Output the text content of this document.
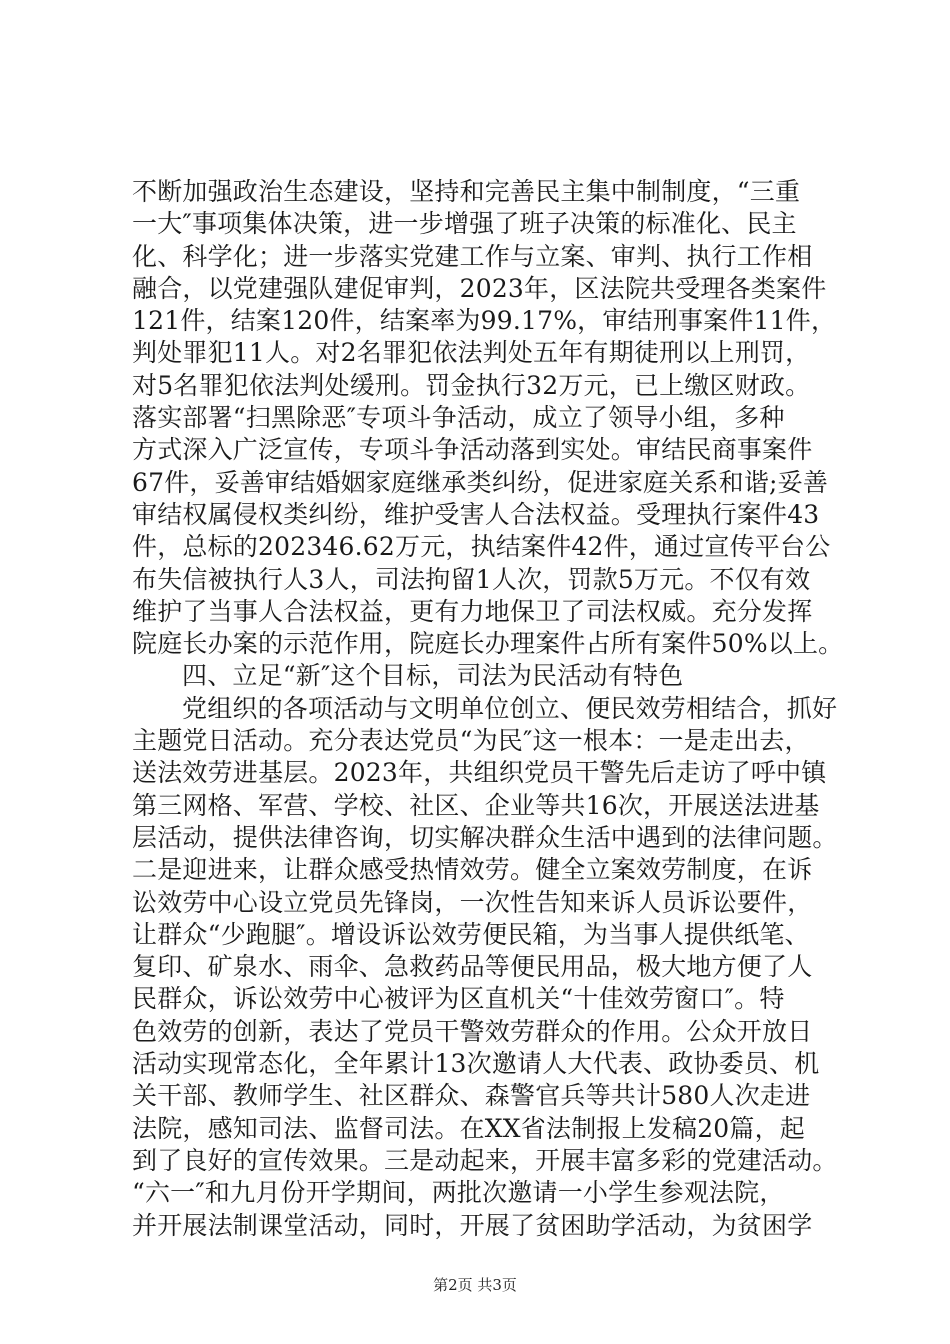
不断加强政治生态建设，坚持和完善民主集中制制度，“三重
一大″事项集体决策，进一步增强了班子决策的标准化、民主
化、科学化；进一步落实党建工作与立案、审判、执行工作相
融合，以党建强队建促审判，2023年，区法院共受理各类案件
121件，结案120件，结案率为99.17%，审结刑事案件11件，
判处罪犯11人。对2名罪犯依法判处五年有期徒刑以上刑罚，
对5名罪犯依法判处缓刑。罚金执行32万元，已上缴区财政。
落实部署“扫黑除恶″专项斗争活动，成立了领导小组，多种
方式深入广泛宣传，专项斗争活动落到实处。审结民商事案件
67件，妥善审结婚姻家庭继承类纠纷，促进家庭关系和谐;妥善
审结权属侵权类纠纷，维护受害人合法权益。受理执行案件43
件，总标的202346.62万元，执结案件42件，通过宣传平台公
布失信被执行人3人，司法拘留1人次，罚款5万元。不仅有效
维护了当事人合法权益，更有力地保卫了司法权威。充分发挥
院庭长办案的示范作用，院庭长办理案件占所有案件50%以上。
四、立足“新″这个目标，司法为民活动有特色
党组织的各项活动与文明单位创立、便民效劳相结合，抓好
主题党日活动。充分表达党员“为民″这一根本：一是走出去，
送法效劳进基层。2023年，共组织党员干警先后走访了呼中镇
第三网格、军营、学校、社区、企业等共16次，开展送法进基
层活动，提供法律咨询，切实解决群众生活中遇到的法律问题。
二是迎进来，让群众感受热情效劳。健全立案效劳制度，在诉
讼效劳中心设立党员先锋岗，一次性告知来诉人员诉讼要件，
让群众“少跑腿″。增设诉讼效劳便民箱，为当事人提供纸笔、
复印、矿泉水、雨伞、急救药品等便民用品，极大地方便了人
民群众，诉讼效劳中心被评为区直机关“十佳效劳窗口″。特
色效劳的创新，表达了党员干警效劳群众的作用。公众开放日
活动实现常态化，全年累计13次邀请人大代表、政协委员、机
关干部、教师学生、社区群众、森警官兵等共计580人次走进
法院，感知司法、监督司法。在XX省法制报上发稿20篇，起
到了良好的宣传效果。三是动起来，开展丰富多彩的党建活动。
“六一″和九月份开学期间，两批次邀请一小学生参观法院，
并开展法制课堂活动，同时，开展了贫困助学活动，为贫困学
第2页 共3页
